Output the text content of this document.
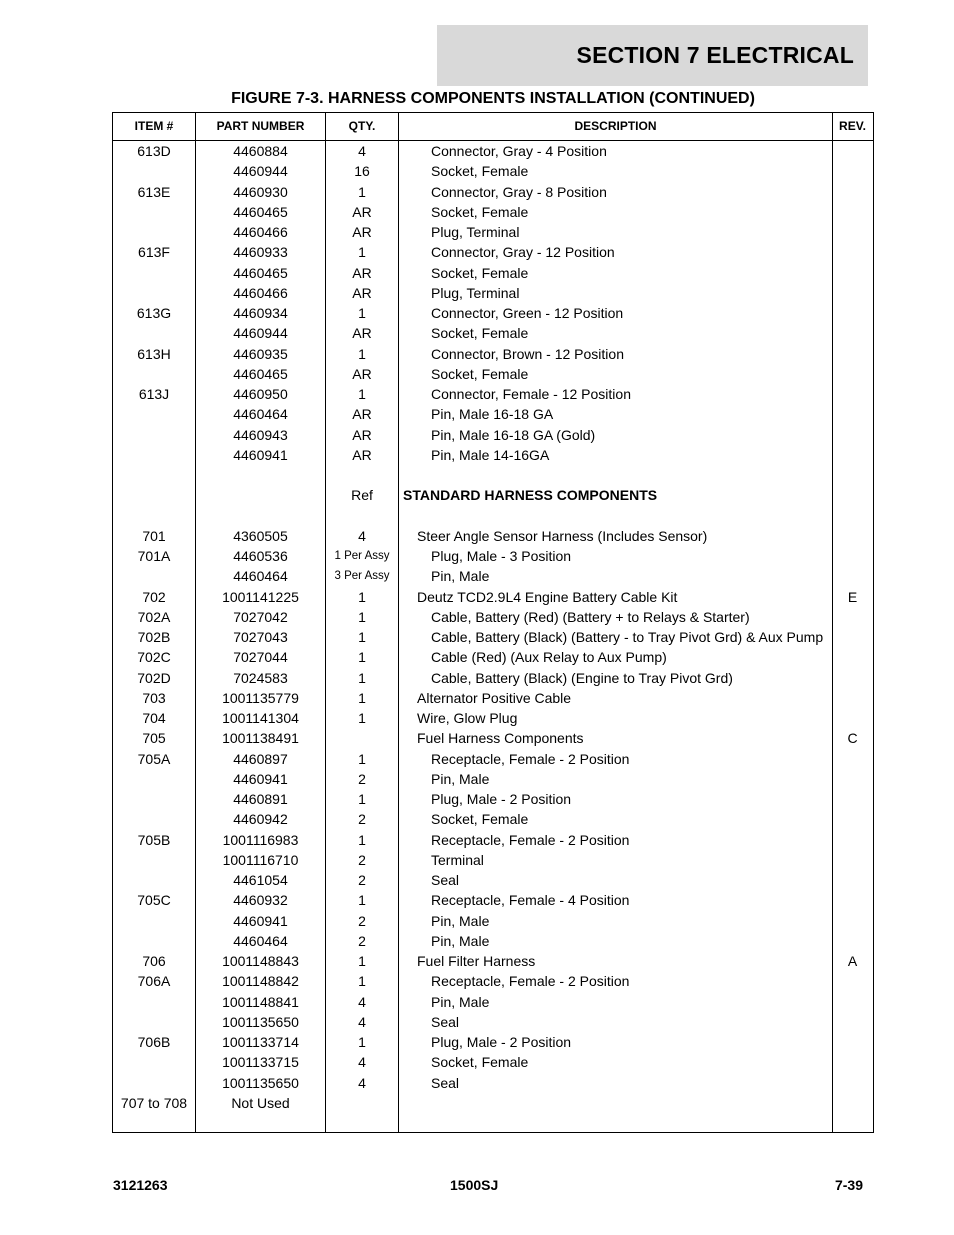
SECTION 7 ELECTRICAL
FIGURE 7-3. HARNESS COMPONENTS INSTALLATION (CONTINUED)
ITEM #	PART NUMBER	QTY.	DESCRIPTION	REV.
613D	4460884	4	Connector, Gray - 4 Position
4460944	16	Socket, Female
613E	4460930	1	Connector, Gray - 8 Position
4460465	AR	Socket, Female
4460466	AR	Plug, Terminal
613F	4460933	1	Connector, Gray - 12 Position
4460465	AR	Socket, Female
4460466	AR	Plug, Terminal
613G	4460934	1	Connector, Green - 12 Position
4460944	AR	Socket, Female
613H	4460935	1	Connector, Brown - 12 Position
4460465	AR	Socket, Female
613J	4460950	1	Connector, Female - 12 Position
4460464	AR	Pin, Male 16-18 GA
4460943	AR	Pin, Male 16-18 GA (Gold)
4460941	AR	Pin, Male 14-16GA
Ref	STANDARD HARNESS COMPONENTS
701	4360505	4	Steer Angle Sensor Harness (Includes Sensor)
701A	4460536	1 Per Assy	Plug, Male - 3 Position
4460464	3 Per Assy	Pin, Male
702	1001141225	1	Deutz TCD2.9L4 Engine Battery Cable Kit	E
702A	7027042	1	Cable, Battery (Red) (Battery + to Relays & Starter)
702B	7027043	1	Cable, Battery (Black) (Battery - to Tray Pivot Grd) & Aux Pump
702C	7027044	1	Cable (Red) (Aux Relay to Aux Pump)
702D	7024583	1	Cable, Battery (Black) (Engine to Tray Pivot Grd)
703	1001135779	1	Alternator Positive Cable
704	1001141304	1	Wire, Glow Plug
705	1001138491	Fuel Harness Components	C
705A	4460897	1	Receptacle, Female - 2 Position
4460941	2	Pin, Male
4460891	1	Plug, Male - 2 Position
4460942	2	Socket, Female
705B	1001116983	1	Receptacle, Female - 2 Position
1001116710	2	Terminal
4461054	2	Seal
705C	4460932	1	Receptacle, Female - 4 Position
4460941	2	Pin, Male
4460464	2	Pin, Male
706	1001148843	1	Fuel Filter Harness	A
706A	1001148842	1	Receptacle, Female - 2 Position
1001148841	4	Pin, Male
1001135650	4	Seal
706B	1001133714	1	Plug, Male - 2 Position
1001133715	4	Socket, Female
1001135650	4	Seal
707 to 708	Not Used
3121263	1500SJ	7-39
